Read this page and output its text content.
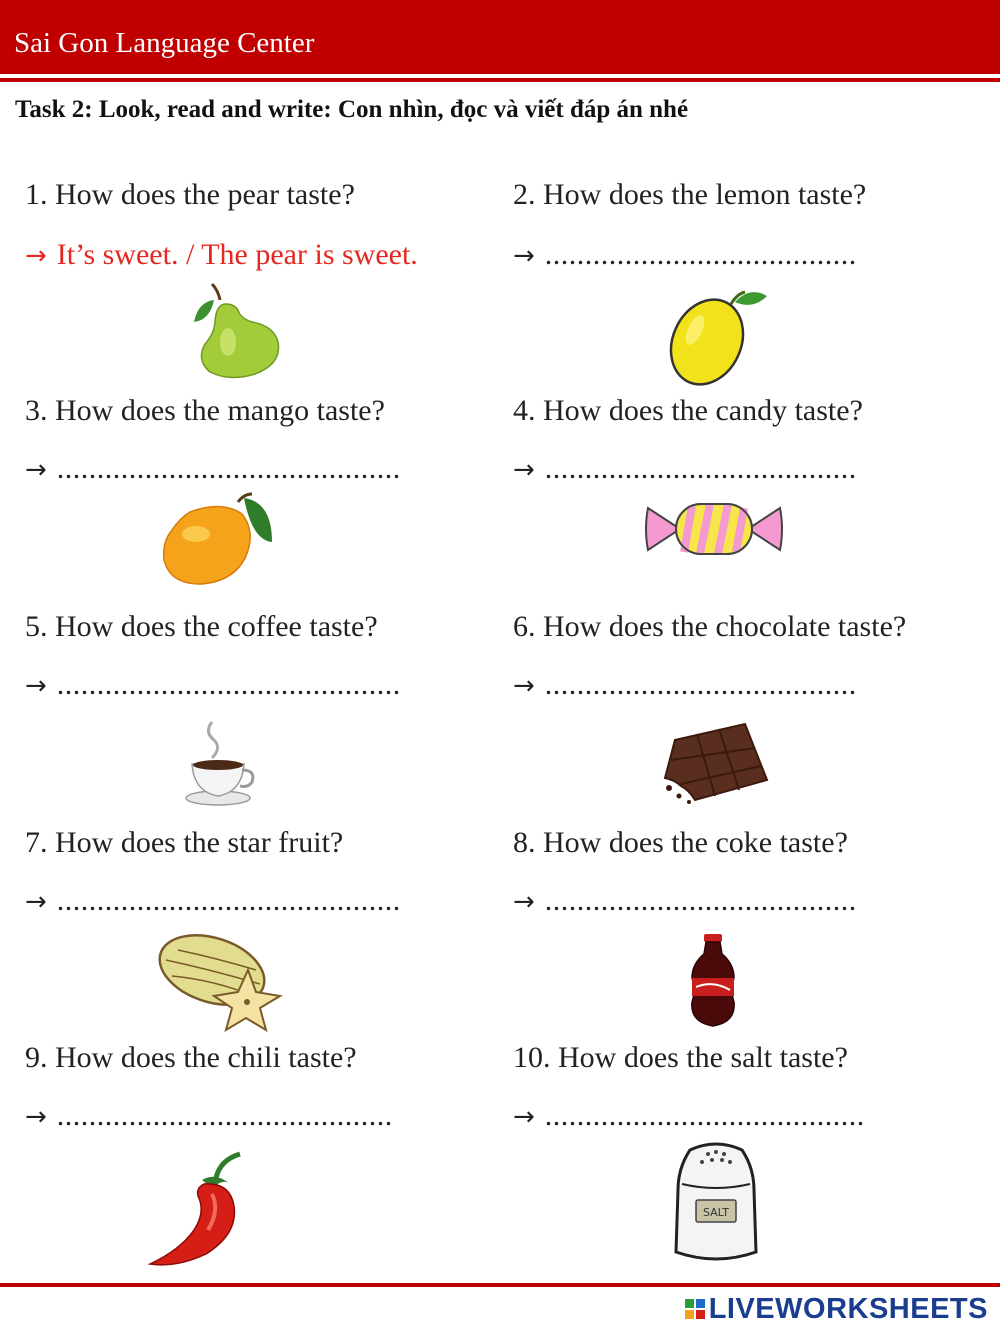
Sai Gon Language Center
Task 2: Look, read and write: Con nhìn, đọc và viết đáp án nhé
1. How does the pear taste?
→ It’s sweet. / The pear is sweet.
2. How does the lemon taste?
→ .......................................
3. How does the mango taste?
→ ...........................................
4. How does the candy taste?
→ .......................................
5. How does the coffee taste?
→ ...........................................
6. How does the chocolate taste?
→ .......................................
7. How does the star fruit?
→ ...........................................
8. How does the coke taste?
→ .......................................
9. How does the chili taste?
→ ..........................................
10. How does the salt taste?
→ ........................................
SALT
LIVEWORKSHEETS
